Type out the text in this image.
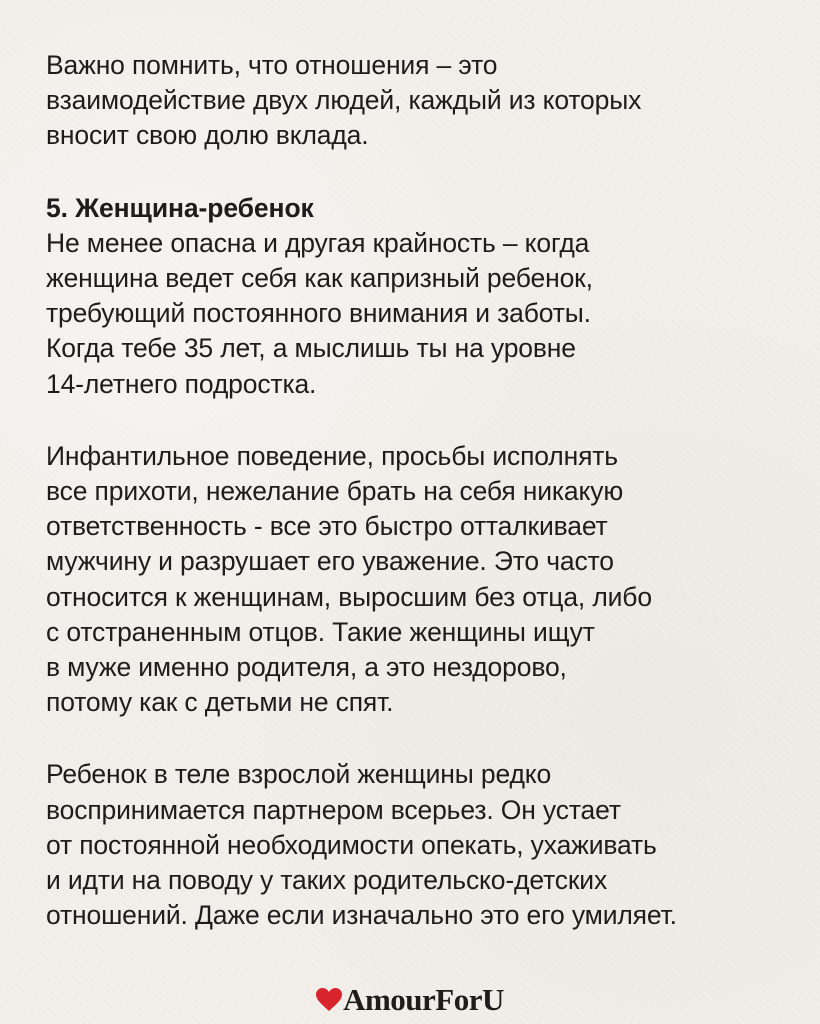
Важно помнить, что отношения – это
взаимодействие двух людей, каждый из которых
вносит свою долю вклада.

5. Женщина-ребенок

Не менее опасна и другая крайность – когда
женщина ведет себя как капризный ребенок,
требующий постоянного внимания и заботы.
Когда тебе 35 лет, а мыслишь ты на уровне
14-летнего подростка.

Инфантильное поведение, просьбы исполнять
все прихоти, нежелание брать на себя никакую
ответственность - все это быстро отталкивает
мужчину и разрушает его уважение. Это часто
относится к женщинам, выросшим без отца, либо
с отстраненным отцов. Такие женщины ищут
в муже именно родителя, а это нездорово,
потому как с детьми не спят.

Ребенок в теле взрослой женщины редко
воспринимается партнером всерьез. Он устает
от постоянной необходимости опекать, ухаживать
и идти на поводу у таких родительско-детских
отношений. Даже если изначально это его умиляет.

AmourForU
